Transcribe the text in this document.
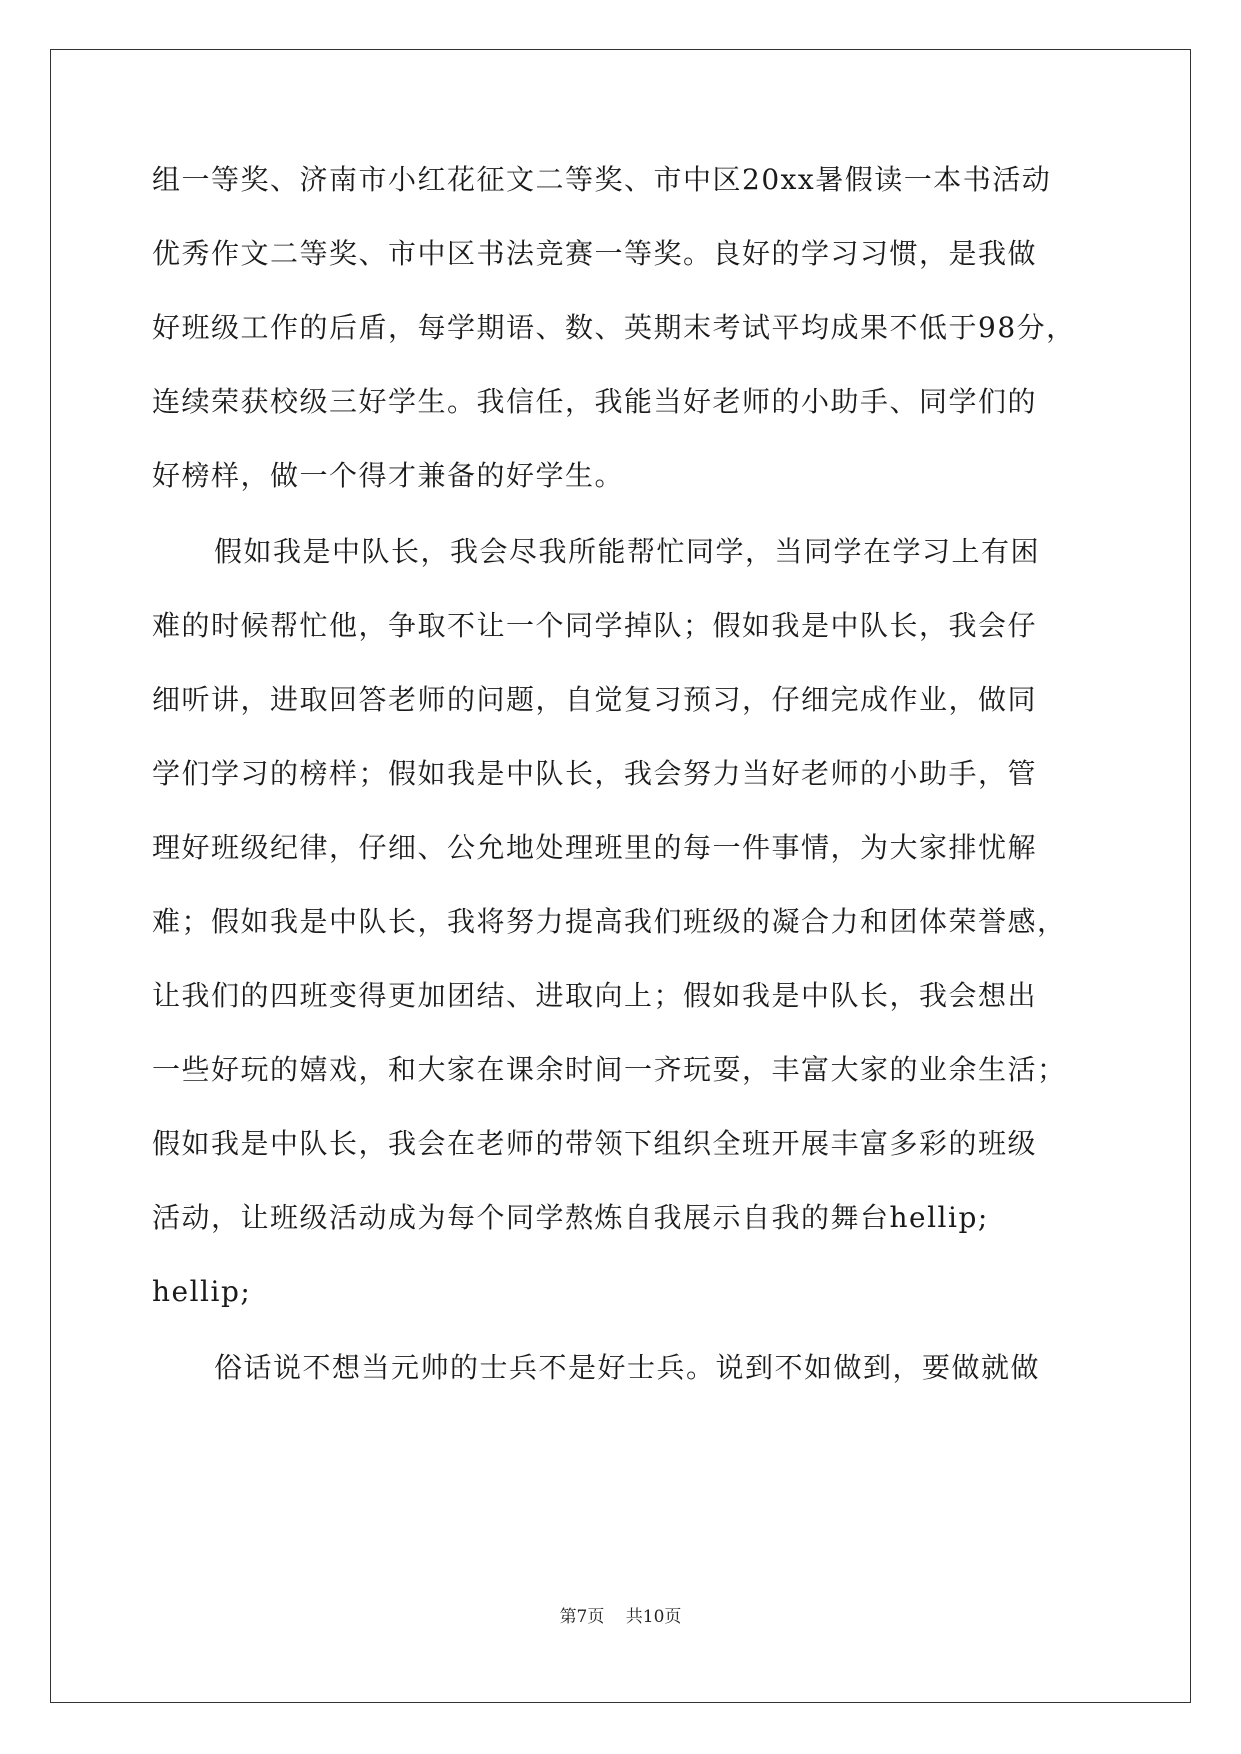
组一等奖、济南市小红花征文二等奖、市中区20xx暑假读一本书活动
优秀作文二等奖、市中区书法竞赛一等奖。良好的学习习惯，是我做
好班级工作的后盾，每学期语、数、英期末考试平均成果不低于98分，
连续荣获校级三好学生。我信任，我能当好老师的小助手、同学们的
好榜样，做一个得才兼备的好学生。
假如我是中队长，我会尽我所能帮忙同学，当同学在学习上有困
难的时候帮忙他，争取不让一个同学掉队；假如我是中队长，我会仔
细听讲，进取回答老师的问题，自觉复习预习，仔细完成作业，做同
学们学习的榜样；假如我是中队长，我会努力当好老师的小助手，管
理好班级纪律，仔细、公允地处理班里的每一件事情，为大家排忧解
难；假如我是中队长，我将努力提高我们班级的凝合力和团体荣誉感，
让我们的四班变得更加团结、进取向上；假如我是中队长，我会想出
一些好玩的嬉戏，和大家在课余时间一齐玩耍，丰富大家的业余生活；
假如我是中队长，我会在老师的带领下组织全班开展丰富多彩的班级
活动，让班级活动成为每个同学熬炼自我展示自我的舞台hellip;
hellip;
俗话说不想当元帅的士兵不是好士兵。说到不如做到，要做就做
第7页 共10页
